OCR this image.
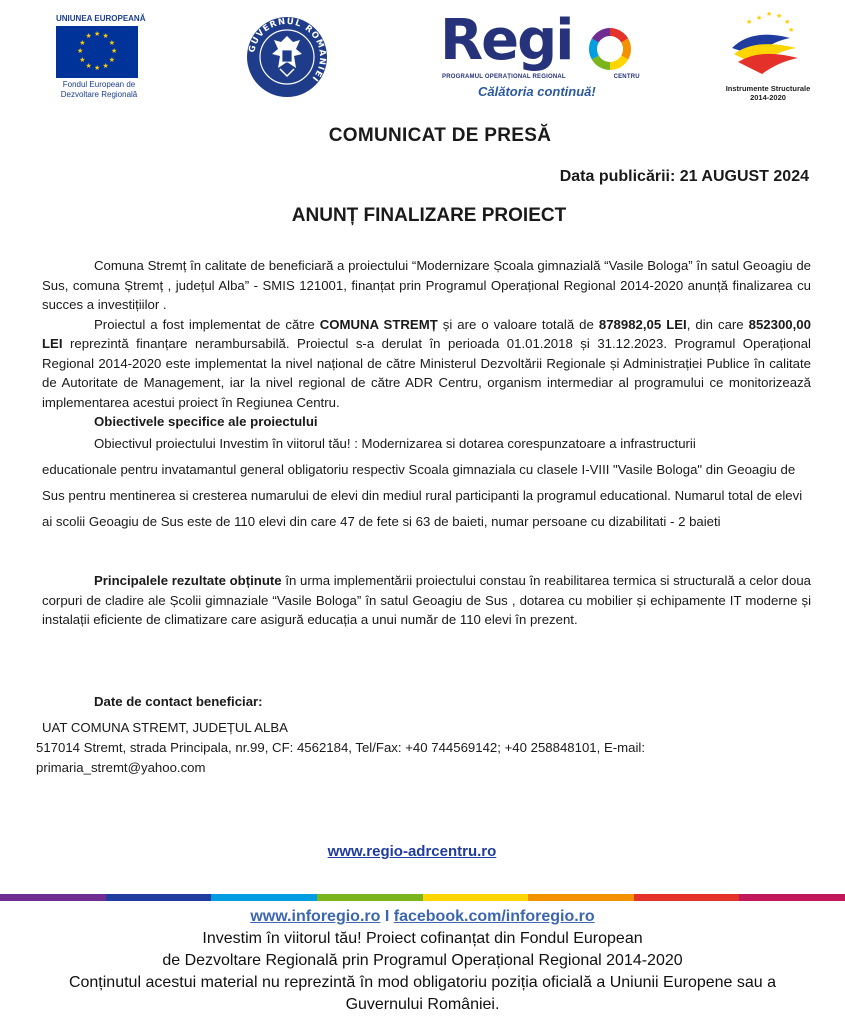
UNIUNEA EUROPEANĂ
★
★
★
★
★
★
★
★
★ ★ ★
★
Fondul European de
Dezvoltare Regională
GUVERNUL ROMÂNIEI
Regi
PROGRAMUL OPERAȚIONAL REGIONAL	CENTRU
Călătoria continuă!
★ ★ ★
★
★
★
Instrumente Structurale
2014-2020
COMUNICAT DE PRESĂ
Data publicării: 21 AUGUST 2024
ANUNȚ FINALIZARE PROIECT

Comuna Stremț în calitate de beneficiară a proiectului “Modernizare Școala gimnazială “Vasile Bologa” în satul Geoagiu de Sus, comuna Ștremț , județul Alba” - SMIS 121001, finanțat prin Programul Operațional Regional 2014-2020 anunță finalizarea cu succes a investițiilor .

Proiectul a fost implementat de către COMUNA STREMȚ și are o valoare totală de 878982,05 LEI, din care 852300,00 LEI reprezintă finanțare nerambursabilă. Proiectul s-a derulat în perioada 01.01.2018 și 31.12.2023. Programul Operațional Regional 2014-2020 este implementat la nivel național de către Ministerul Dezvoltării Regionale și Administrației Publice în calitate de Autoritate de Management, iar la nivel regional de către ADR Centru, organism intermediar al programului ce monitorizează implementarea acestui proiect în Regiunea Centru.

Obiectivele specifice ale proiectului

Obiectivul proiectului Investim în viitorul tău! : Modernizarea si dotarea corespunzatoare a infrastructurii

educationale pentru invatamantul general obligatoriu respectiv Scoala gimnaziala cu clasele I-VIII "Vasile Bologa" din Geoagiu de Sus pentru mentinerea si cresterea numarului de elevi din mediul rural participanti la programul educational. Numarul total de elevi ai scolii Geoagiu de Sus este de 110 elevi din care 47 de fete si 63 de baieti, numar persoane cu dizabilitati - 2 baieti

Principalele rezultate obținute în urma implementării proiectului constau în reabilitarea termica si structurală a celor doua corpuri de cladire ale Școlii gimnaziale “Vasile Bologa” în satul Geoagiu de Sus , dotarea cu mobilier și echipamente IT moderne și instalații eficiente de climatizare care asigură educația a unui număr de 110 elevi în prezent.

Date de contact beneficiar:
UAT COMUNA STREMT, JUDEȚUL ALBA
517014 Stremt, strada Principala, nr.99, CF: 4562184, Tel/Fax: +40 744569142; +40 258848101, E-mail:
primaria_stremt@yahoo.com
www.regio-adrcentru.ro
www.inforegio.ro I facebook.com/inforegio.ro
Investim în viitorul tău! Proiect cofinanțat din Fondul European
de Dezvoltare Regională prin Programul Operațional Regional 2014-2020
Conținutul acestui material nu reprezintă în mod obligatoriu poziția oficială a Uniunii Europene sau a
Guvernului României.
